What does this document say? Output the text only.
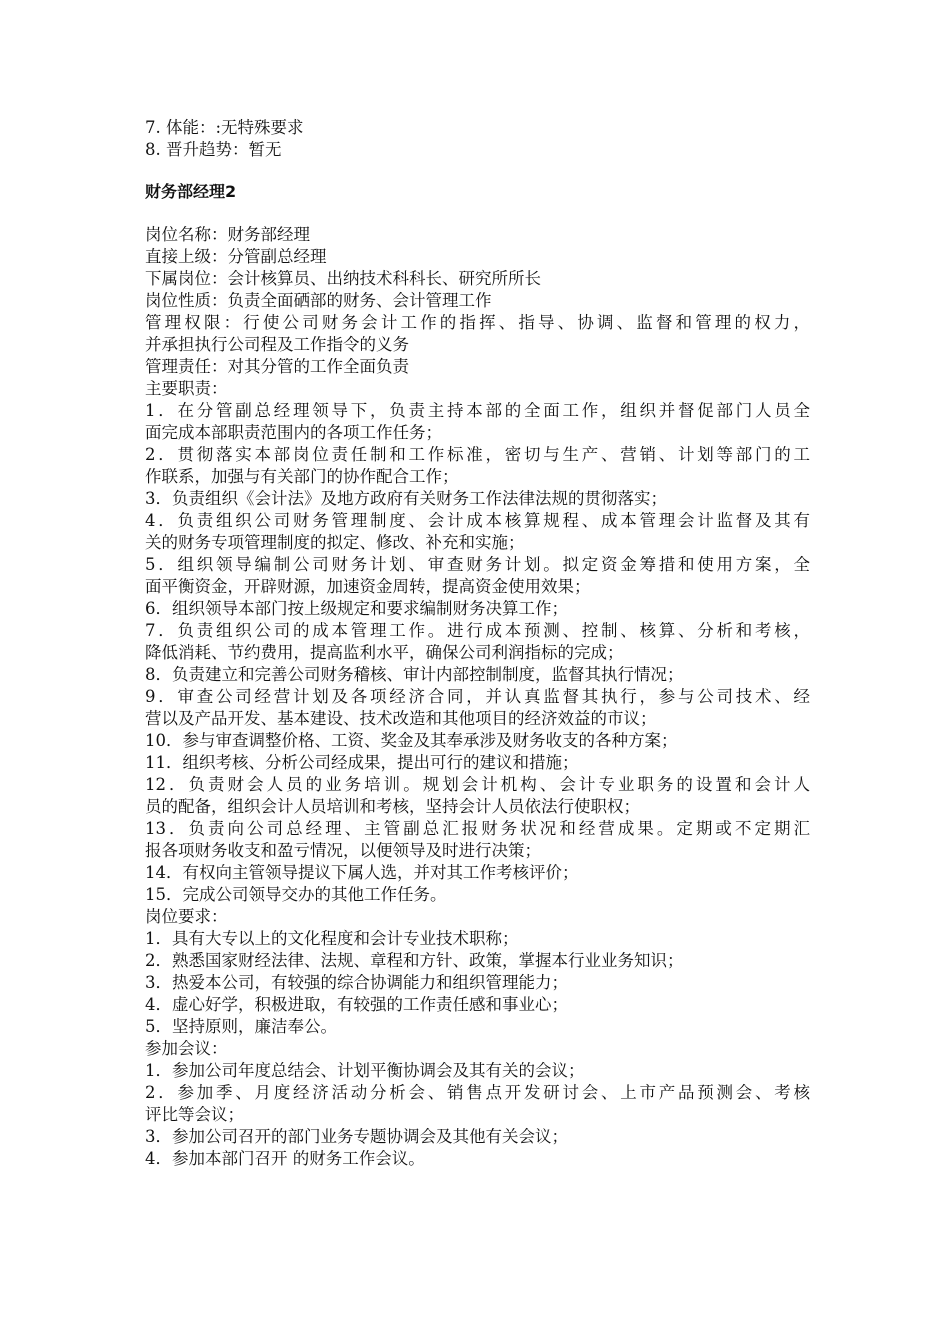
7. 体能：:无特殊要求
8. 晋升趋势：暂无
财务部经理2
岗位名称：财务部经理
直接上级：分管副总经理
下属岗位：会计核算员、出纳技术科科长、研究所所长
岗位性质：负责全面硒部的财务、会计管理工作
管理权限：行使公司财务会计工作的指挥、指导、协调、监督和管理的权力，
并承担执行公司程及工作指令的义务
管理责任：对其分管的工作全面负责
主要职责：
1．在分管副总经理领导下，负责主持本部的全面工作，组织并督促部门人员全
面完成本部职责范围内的各项工作任务；
2．贯彻落实本部岗位责任制和工作标准，密切与生产、营销、计划等部门的工
作联系，加强与有关部门的协作配合工作；
3．负责组织《会计法》及地方政府有关财务工作法律法规的贯彻落实；
4．负责组织公司财务管理制度、会计成本核算规程、成本管理会计监督及其有
关的财务专项管理制度的拟定、修改、补充和实施；
5．组织领导编制公司财务计划、审查财务计划。拟定资金筹措和使用方案，全
面平衡资金，开辟财源，加速资金周转，提高资金使用效果；
6．组织领导本部门按上级规定和要求编制财务决算工作；
7．负责组织公司的成本管理工作。进行成本预测、控制、核算、分析和考核，
降低消耗、节约费用，提高监利水平，确保公司利润指标的完成；
8．负责建立和完善公司财务稽核、审计内部控制制度，监督其执行情况；
9．审查公司经营计划及各项经济合同，并认真监督其执行，参与公司技术、经
营以及产品开发、基本建设、技术改造和其他项目的经济效益的市议；
10．参与审查调整价格、工资、奖金及其奉承涉及财务收支的各种方案；
11．组织考核、分析公司经成果，提出可行的建议和措施；
12．负责财会人员的业务培训。规划会计机构、会计专业职务的设置和会计人
员的配备，组织会计人员培训和考核，坚持会计人员依法行使职权；
13．负责向公司总经理、主管副总汇报财务状况和经营成果。定期或不定期汇
报各项财务收支和盈亏情况，以便领导及时进行决策；
14．有权向主管领导提议下属人选，并对其工作考核评价；
15．完成公司领导交办的其他工作任务。
岗位要求：
1．具有大专以上的文化程度和会计专业技术职称；
2．熟悉国家财经法律、法规、章程和方针、政策，掌握本行业业务知识；
3．热爱本公司，有较强的综合协调能力和组织管理能力；
4．虚心好学，积极进取，有较强的工作责任感和事业心；
5．坚持原则，廉洁奉公。
参加会议：
1．参加公司年度总结会、计划平衡协调会及其有关的会议；
2．参加季、月度经济活动分析会、销售点开发研讨会、上市产品预测会、考核
评比等会议；
3．参加公司召开的部门业务专题协调会及其他有关会议；
4．参加本部门召开 的财务工作会议。
